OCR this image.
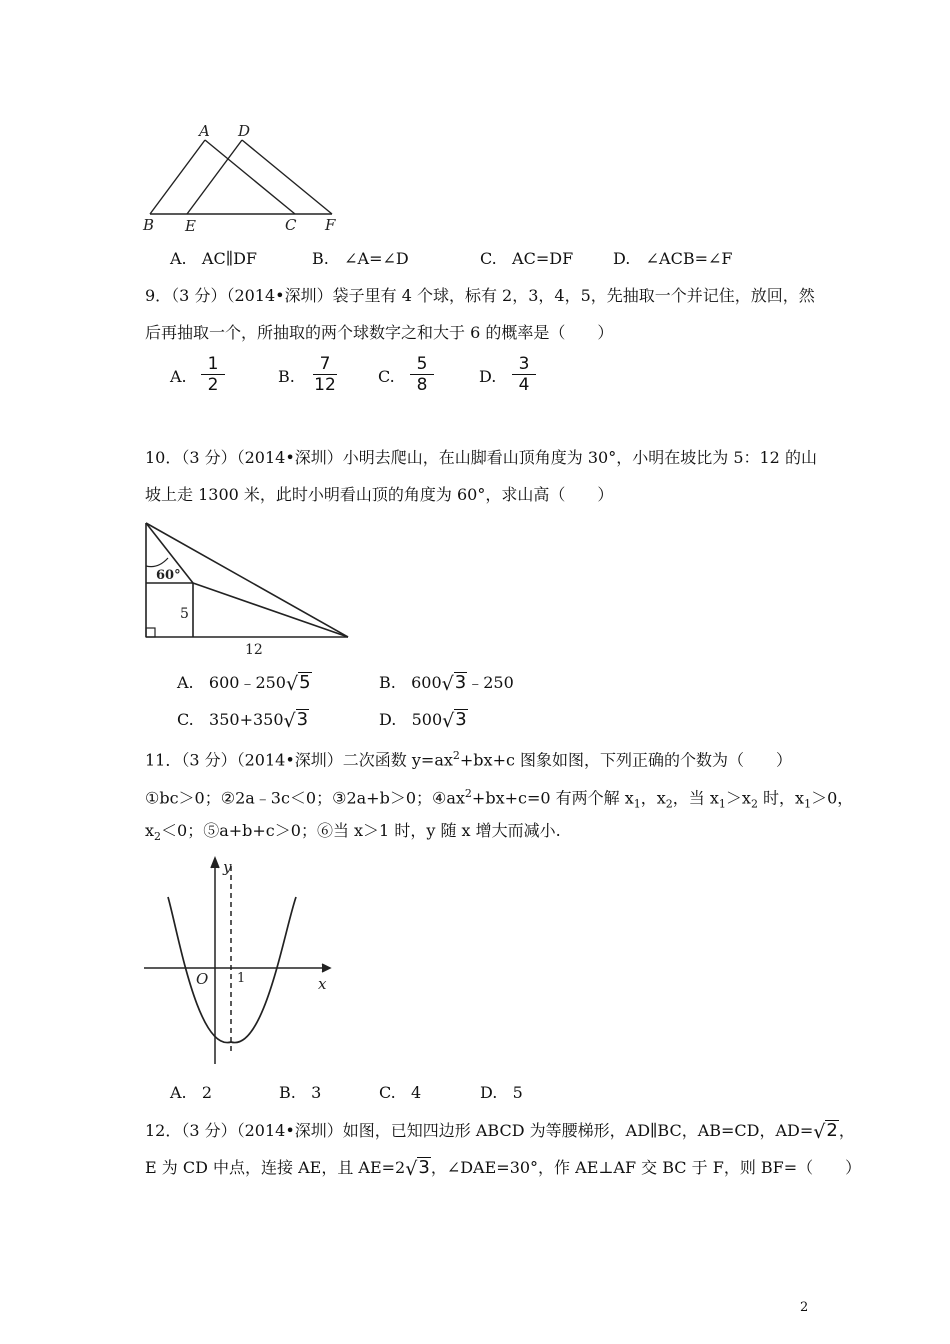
A D
B E	C F
A. AC∥DF	B. ∠A=∠D	C. AC=DF D. ∠ACB=∠F
9．（3 分）（2014•深圳）袋子里有 4 个球，标有 2，3，4，5，先抽取一个并记住，放回，然
后再抽取一个，所抽取的两个球数字之和大于 6 的概率是（　　）
A.
1
2	B.
7
12	C.
5
8	D.
3
4
10．（3 分）（2014•深圳）小明去爬山，在山脚看山顶角度为 30°，小明在坡比为 5：12 的山
坡上走 1300 米，此时小明看山顶的角度为 60°，求山高（　　）
60°
5
12
A. 600﹣250√5	B. 600√3﹣250
C. 350+350√3	D. 500√3
11．（3 分）（2014•深圳）二次函数 $y=ax^2+bx+c$ 图象如图，下列正确的个数为（　　）
①bc＞0；②2a﹣3c＜0；③2a+b＞0；$④ax^2+bx+c=0$ 有两个解 $x_1$，$x_2$，当 $x_1>x_2$ 时，$x_1>0$，
$x_2<0$；⑤a+b+c＞0；⑥当 x＞1 时，y 随 x 增大而减小.
y
x
O 1
A. 2	B. 3	C. 4	D. 5
12．（3 分）（2014•深圳）如图，已知四边形 ABCD 为等腰梯形，AD∥BC，AB=CD，AD=√2，
E 为 CD 中点，连接 AE，且 AE=2√3，∠DAE=30°，作 AE⊥AF 交 BC 于 F，则 BF=（　　）
2
